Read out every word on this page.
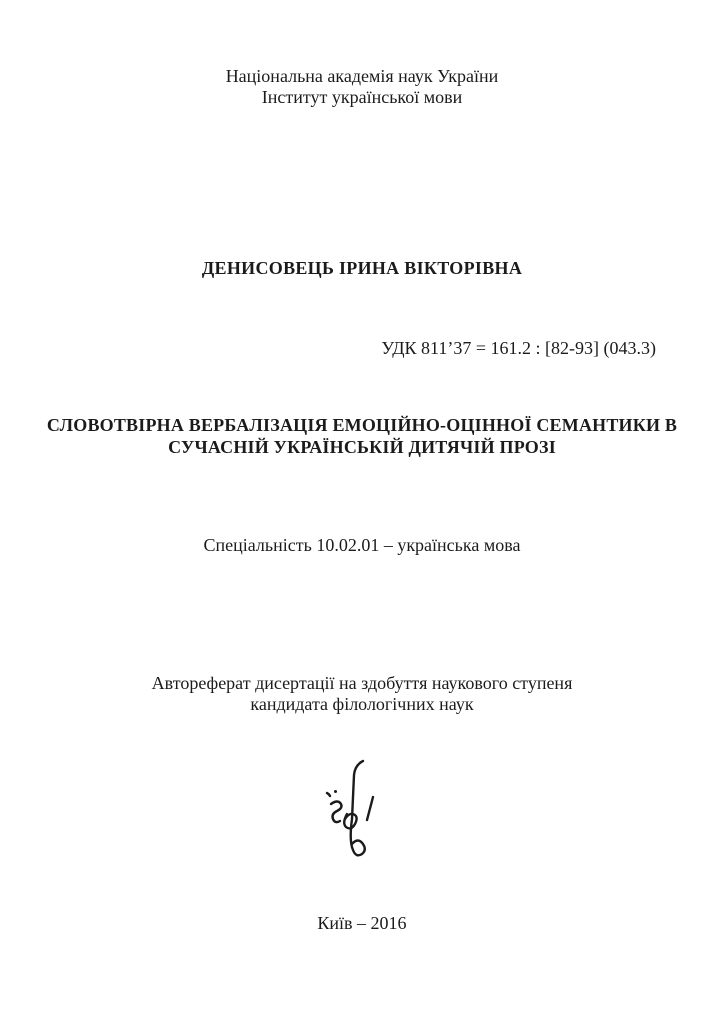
Національна академія наук України
Інститут української мови
ДЕНИСОВЕЦЬ ІРИНА ВІКТОРІВНА
УДК 811’37 = 161.2 : [82-93] (043.3)
СЛОВОТВІРНА ВЕРБАЛІЗАЦІЯ ЕМОЦІЙНО-ОЦІННОЇ СЕМАНТИКИ В
СУЧАСНІЙ УКРАЇНСЬКІЙ ДИТЯЧІЙ ПРОЗІ
Спеціальність 10.02.01 – українська мова
Автореферат дисертації на здобуття наукового ступеня
кандидата філологічних наук
Київ – 2016
